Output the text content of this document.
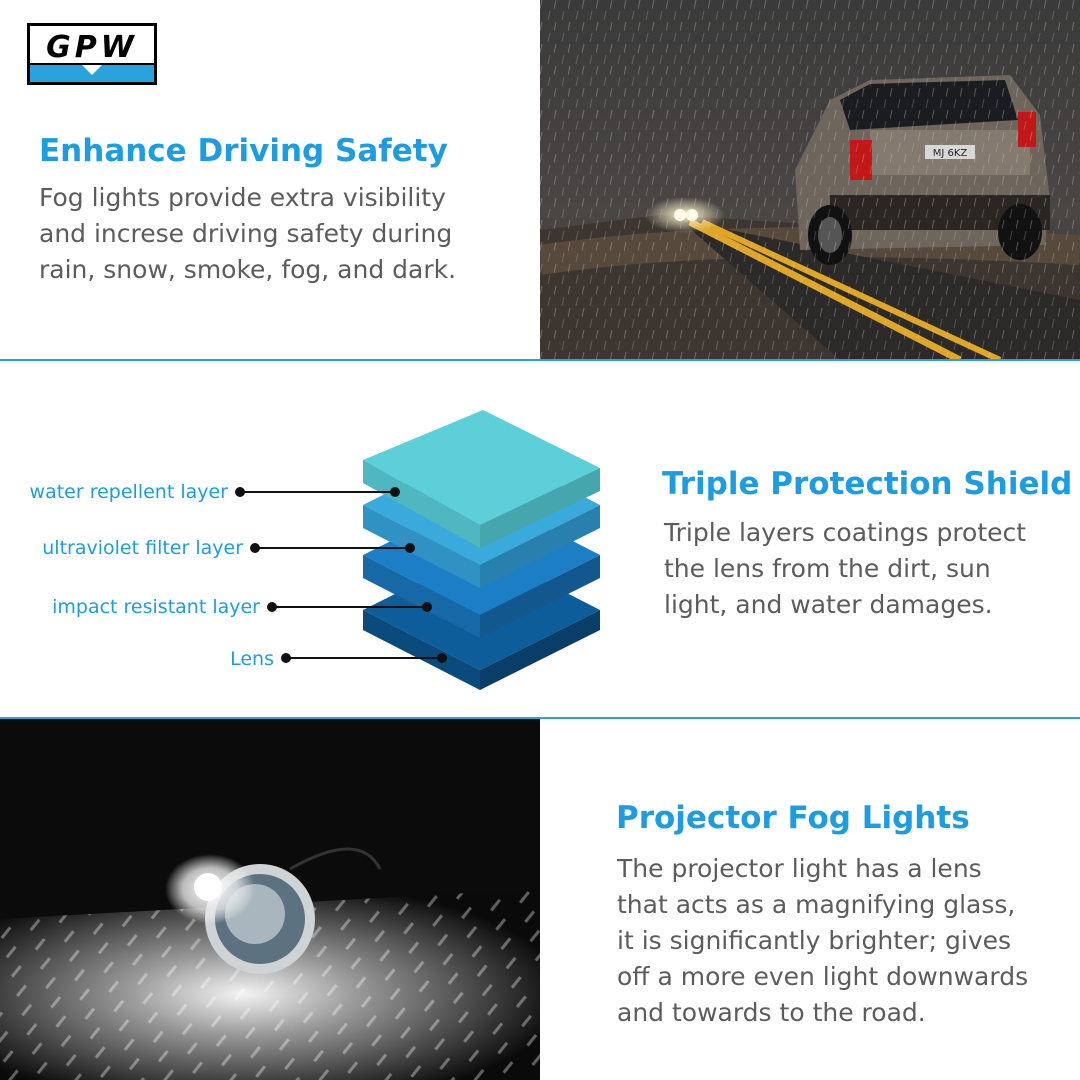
GPW
Enhance Driving Safety

Fog lights provide extra visibility
and increse driving safety during
rain, snow, smoke, fog, and dark.

water repellent layer
ultraviolet filter layer
impact resistant layer
Lens
Triple Protection Shield

Triple layers coatings protect
the lens from the dirt, sun
light, and water damages.

Projector Fog Lights

The projector light has a lens
that acts as a magnifying glass,
it is significantly brighter; gives
off a more even light downwards
and towards to the road.
